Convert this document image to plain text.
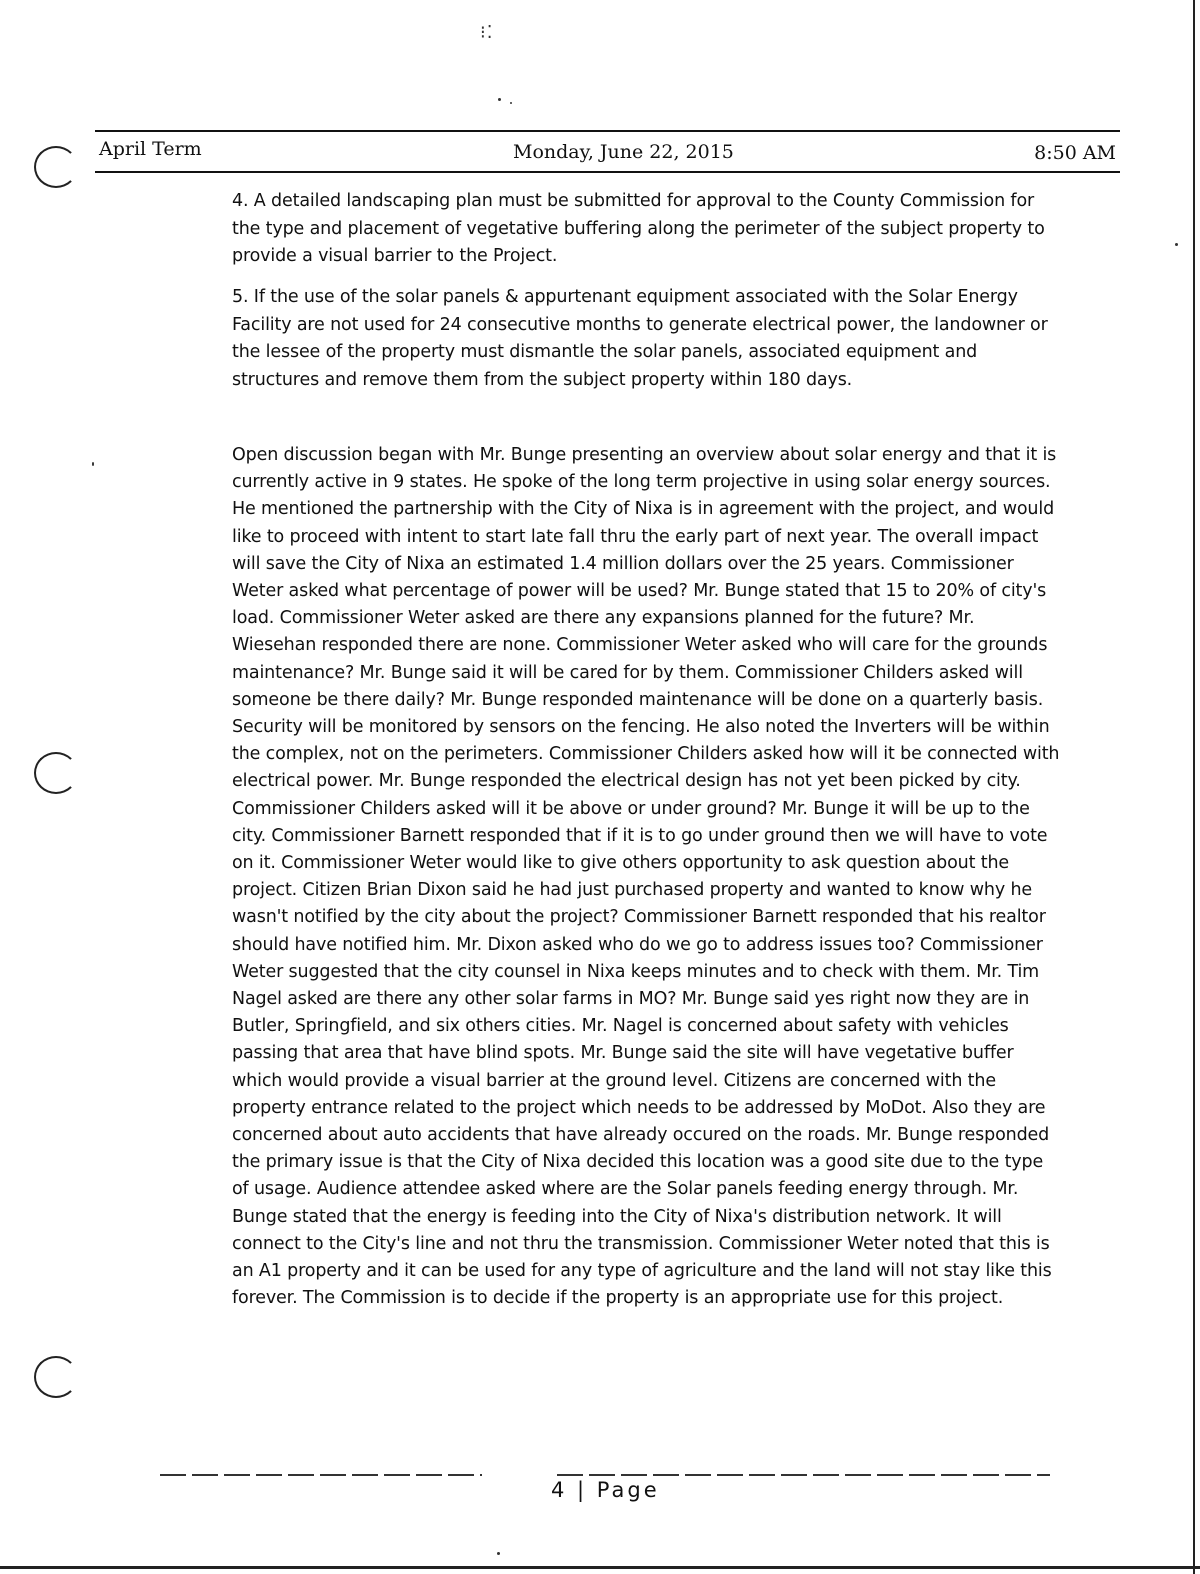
⁝⁚
April Term	Monday, June 22, 2015	8:50 AM

4. A detailed landscaping plan must be submitted for approval to the County Commission for the type and placement of vegetative buffering along the perimeter of the subject property to provide a visual barrier to the Project.

5. If the use of the solar panels & appurtenant equipment associated with the Solar Energy Facility are not used for 24 consecutive months to generate electrical power, the landowner or the lessee of the property must dismantle the solar panels, associated equipment and structures and remove them from the subject property within 180 days.

Open discussion began with Mr. Bunge presenting an overview about solar energy and that it is currently active in 9 states. He spoke of the long term projective in using solar energy sources. He mentioned the partnership with the City of Nixa is in agreement with the project, and would like to proceed with intent to start late fall thru the early part of next year. The overall impact will save the City of Nixa an estimated 1.4 million dollars over the 25 years. Commissioner Weter asked what percentage of power will be used? Mr. Bunge stated that 15 to 20% of city's load. Commissioner Weter asked are there any expansions planned for the future? Mr. Wiesehan responded there are none. Commissioner Weter asked who will care for the grounds maintenance? Mr. Bunge said it will be cared for by them. Commissioner Childers asked will someone be there daily? Mr. Bunge responded maintenance will be done on a quarterly basis. Security will be monitored by sensors on the fencing. He also noted the Inverters will be within the complex, not on the perimeters. Commissioner Childers asked how will it be connected with electrical power. Mr. Bunge responded the electrical design has not yet been picked by city. Commissioner Childers asked will it be above or under ground? Mr. Bunge it will be up to the city. Commissioner Barnett responded that if it is to go under ground then we will have to vote on it. Commissioner Weter would like to give others opportunity to ask question about the project. Citizen Brian Dixon said he had just purchased property and wanted to know why he wasn't notified by the city about the project? Commissioner Barnett responded that his realtor should have notified him. Mr. Dixon asked who do we go to address issues too? Commissioner Weter suggested that the city counsel in Nixa keeps minutes and to check with them. Mr. Tim Nagel asked are there any other solar farms in MO? Mr. Bunge said yes right now they are in Butler, Springfield, and six others cities. Mr. Nagel is concerned about safety with vehicles passing that area that have blind spots. Mr. Bunge said the site will have vegetative buffer which would provide a visual barrier at the ground level. Citizens are concerned with the property entrance related to the project which needs to be addressed by MoDot. Also they are concerned about auto accidents that have already occured on the roads. Mr. Bunge responded the primary issue is that the City of Nixa decided this location was a good site due to the type of usage. Audience attendee asked where are the Solar panels feeding energy through. Mr. Bunge stated that the energy is feeding into the City of Nixa's distribution network. It will connect to the City's line and not thru the transmission. Commissioner Weter noted that this is an A1 property and it can be used for any type of agriculture and the land will not stay like this forever. The Commission is to decide if the property is an appropriate use for this project.

4 | Page
